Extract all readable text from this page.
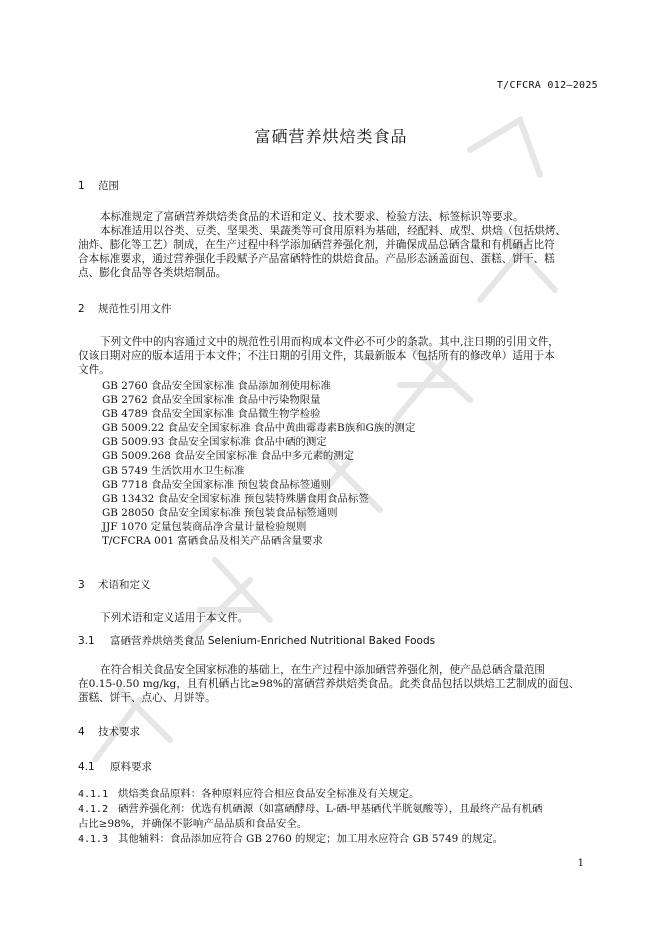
T/CFCRA 012—2025
富硒营养烘焙类食品
1 范围
本标准规定了富硒营养烘焙类食品的术语和定义、技术要求、检验方法、标签标识等要求。
本标准适用以谷类、豆类、坚果类、果蔬类等可食用原料为基础，经配料、成型、烘焙（包括烘烤、
油炸、膨化等工艺）制成，在生产过程中科学添加硒营养强化剂，并确保成品总硒含量和有机硒占比符
合本标准要求，通过营养强化手段赋予产品富硒特性的烘焙食品。产品形态涵盖面包、蛋糕、饼干、糕
点、膨化食品等各类烘焙制品。
2 规范性引用文件
下列文件中的内容通过文中的规范性引用而构成本文件必不可少的条款。其中,注日期的引用文件，
仅该日期对应的版本适用于本文件；不注日期的引用文件，其最新版本（包括所有的修改单）适用于本
文件。
GB 2760 食品安全国家标准 食品添加剂使用标准
GB 2762 食品安全国家标准 食品中污染物限量
GB 4789 食品安全国家标准 食品微生物学检验
GB 5009.22 食品安全国家标准 食品中黄曲霉毒素B族和G族的测定
GB 5009.93 食品安全国家标准 食品中硒的测定
GB 5009.268 食品安全国家标准 食品中多元素的测定
GB 5749 生活饮用水卫生标准
GB 7718 食品安全国家标准 预包装食品标签通则
GB 13432 食品安全国家标准 预包装特殊膳食用食品标签
GB 28050 食品安全国家标准 预包装食品标签通则
JJF 1070 定量包装商品净含量计量检验规则
T/CFCRA 001 富硒食品及相关产品硒含量要求
3 术语和定义
下列术语和定义适用于本文件。
3.1 富硒营养烘焙类食品 Selenium-Enriched Nutritional Baked Foods
在符合相关食品安全国家标准的基础上，在生产过程中添加硒营养强化剂，使产品总硒含量范围
在0.15-0.50 mg/kg，且有机硒占比≥98%的富硒营养烘焙类食品。此类食品包括以烘焙工艺制成的面包、
蛋糕、饼干、点心、月饼等。
4 技术要求
4.1 原料要求
4.1.1 烘焙类食品原料：各种原料应符合相应食品安全标准及有关规定。
4.1.2 硒营养强化剂：优选有机硒源（如富硒酵母、L-硒-甲基硒代半胱氨酸等），且最终产品有机硒
占比≥98%，并确保不影响产品品质和食品安全。
4.1.3 其他辅料：食品添加应符合 GB 2760 的规定；加工用水应符合 GB 5749 的规定。
1
